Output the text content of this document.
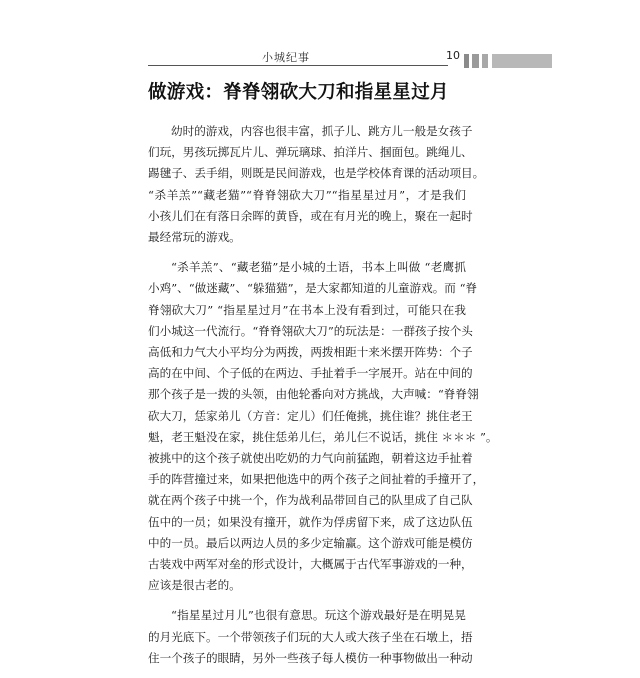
小城纪事	10
做游戏：脊脊翎砍大刀和指星星过月

幼时的游戏，内容也很丰富，抓子儿、跳方儿一般是女孩子
们玩，男孩玩掷瓦片儿、弹玩璃球、拍洋片、掴面包。跳绳儿、
踢毽子、丢手绢，则既是民间游戏，也是学校体育课的活动项目。
“杀羊羔”“藏老猫”“脊脊翎砍大刀”“指星星过月”，才是我们
小孩儿们在有落日余晖的黄昏，或在有月光的晚上，聚在一起时
最经常玩的游戏。

“杀羊羔”、“藏老猫”是小城的土语，书本上叫做 “老鹰抓
小鸡”、“做迷藏”、“躲猫猫”，是大家都知道的儿童游戏。而 “脊
脊翎砍大刀” “指星星过月”在书本上没有看到过，可能只在我
们小城这一代流行。“脊脊翎砍大刀”的玩法是：一群孩子按个头
高低和力气大小平均分为两拨，两拨相距十来米摆开阵势：个子
高的在中间、个子低的在两边、手扯着手一字展开。站在中间的
那个孩子是一拨的头领，由他轮番向对方挑战，大声喊：“脊脊翎
砍大刀，恁家弟儿（方音：定儿）们任俺挑，挑住谁？挑住老王
魁，老王魁没在家，挑住恁弟儿仨，弟儿仨不说话，挑住 ＊＊＊ ”。
被挑中的这个孩子就使出吃奶的力气向前猛跑，朝着这边手扯着
手的阵营撞过来，如果把他选中的两个孩子之间扯着的手撞开了，
就在两个孩子中挑一个，作为战利品带回自己的队里成了自己队
伍中的一员；如果没有撞开，就作为俘虏留下来，成了这边队伍
中的一员。最后以两边人员的多少定输赢。这个游戏可能是模仿
古装戏中两军对垒的形式设计，大概属于古代军事游戏的一种，
应该是很古老的。

“指星星过月儿”也很有意思。玩这个游戏最好是在明晃晃
的月光底下。一个带领孩子们玩的大人或大孩子坐在石墩上，捂
住一个孩子的眼睛，另外一些孩子每人模仿一种事物做出一种动
